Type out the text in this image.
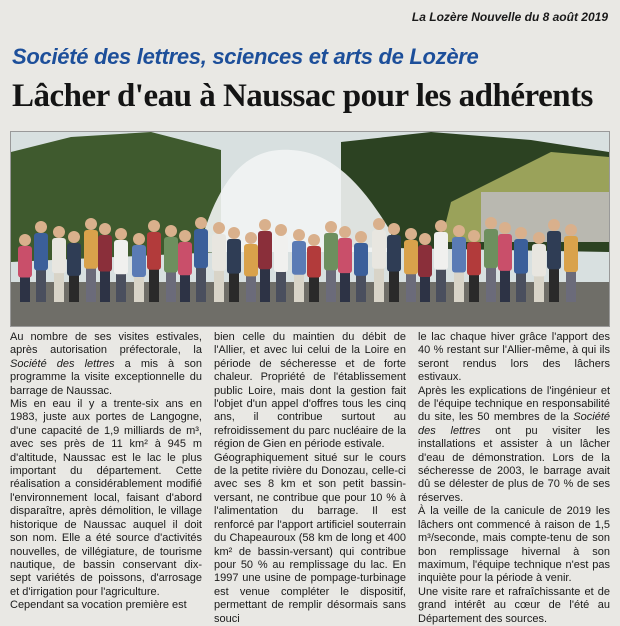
La Lozère Nouvelle du 8 août 2019
Société des lettres, sciences et arts de Lozère
Lâcher d'eau à Naussac pour les adhérents

Au nombre de ses visites estivales, après autorisation préfectorale, la Société des lettres a mis à son programme la visite exceptionnelle du barrage de Naussac.

Mis en eau il y a trente-six ans en 1983, juste aux portes de Langogne, d'une capacité de 1,9 milliards de m³, avec ses près de 11 km² à 945 m d'altitude, Naussac est le lac le plus important du département. Cette réalisation a considérablement modifié l'environnement local, faisant d'abord disparaître, après démolition, le village historique de Naussac auquel il doit son nom. Elle a été source d'activités nouvelles, de villégiature, de tourisme nautique, de bassin conservant dix-sept variétés de poissons, d'arrosage et d'irrigation pour l'agriculture.

Cependant sa vocation première est

bien celle du maintien du débit de l'Allier, et avec lui celui de la Loire en période de sécheresse et de forte chaleur. Propriété de l'établissement public Loire, mais dont la gestion fait l'objet d'un appel d'offres tous les cinq ans, il contribue surtout au refroidissement du parc nucléaire de la région de Gien en période estivale.

Géographiquement situé sur le cours de la petite rivière du Donozau, celle-ci avec ses 8 km et son petit bassin-versant, ne contribue que pour 10 % à l'alimentation du barrage. Il est renforcé par l'apport artificiel souterrain du Chapeauroux (58 km de long et 400 km² de bassin-versant) qui contribue pour 50 % au remplissage du lac. En 1997 une usine de pompage-turbinage est venue compléter le dispositif, permettant de remplir désormais sans souci

le lac chaque hiver grâce l'apport des 40 % restant sur l'Allier-même, à qui ils seront rendus lors des lâchers estivaux.

Après les explications de l'ingénieur et de l'équipe technique en responsabilité du site, les 50 membres de la Société des lettres ont pu visiter les installations et assister à un lâcher d'eau de démonstration. Lors de la sécheresse de 2003, le barrage avait dû se délester de plus de 70 % de ses réserves.

À la veille de la canicule de 2019 les lâchers ont commencé à raison de 1,5 m³/seconde, mais compte-tenu de son bon remplissage hivernal à son maximum, l'équipe technique n'est pas inquiète pour la période à venir.

Une visite rare et rafraîchissante et de grand intérêt au cœur de l'été au Département des sources.
